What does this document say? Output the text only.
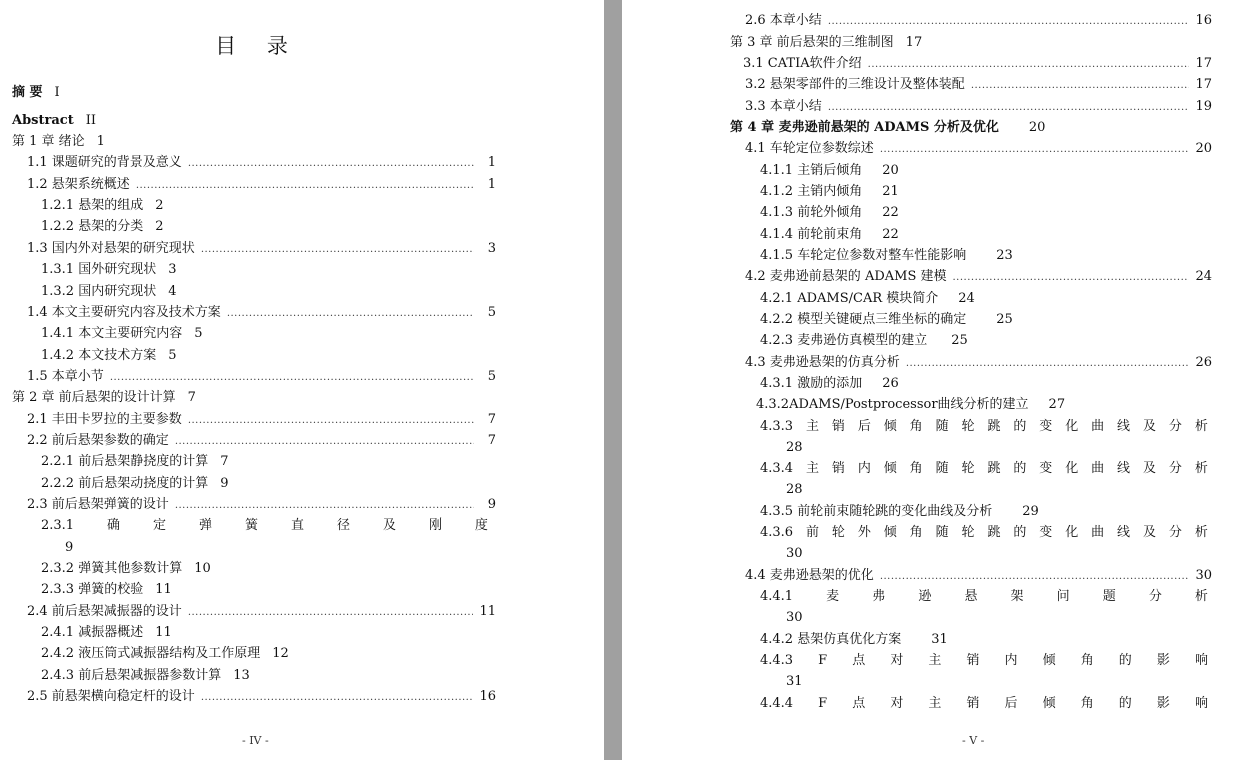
目 录
摘 要 I
Abstract II
第 1 章 绪论 1
1.1 课题研究的背景及意义 .....	1
1.2 悬架系统概述 .....	1
1.2.1 悬架的组成 2
1.2.2 悬架的分类 2
1.3 国内外对悬架的研究现状 .....	3
1.3.1 国外研究现状 3
1.3.2 国内研究现状 4
1.4 本文主要研究内容及技术方案 .....	5
1.4.1 本文主要研究内容 5
1.4.2 本文技术方案 5
1.5 本章小节 .....	5
第 2 章 前后悬架的设计计算 7
2.1 丰田卡罗拉的主要参数 .....	7
2.2 前后悬架参数的确定 .....	7
2.2.1 前后悬架静挠度的计算 7
2.2.2 前后悬架动挠度的计算 9
2.3 前后悬架弹簧的设计 .....	9
2.3.1	确	定	弹	簧	直	径	及	刚	度
9
2.3.2 弹簧其他参数计算 10
2.3.3 弹簧的校验 11
2.4 前后悬架减振器的设计 .....	11
2.4.1 减振器概述 11
2.4.2 液压筒式减振器结构及工作原理 12
2.4.3 前后悬架减振器参数计算 13
2.5 前悬架横向稳定杆的设计 .....	16
- IV -
2.6 本章小结 .....	16
第 3 章 前后悬架的三维制图 17
3.1 CATIA软件介绍 .....	17
3.2 悬架零部件的三维设计及整体装配 .....	17
3.3 本章小结 .....	19
第 4 章 麦弗逊前悬架的 ADAMS 分析及优化 20
4.1 车轮定位参数综述 .....	20
4.1.1 主销后倾角 20
4.1.2 主销内倾角 21
4.1.3 前轮外倾角 22
4.1.4 前轮前束角 22
4.1.5 车轮定位参数对整车性能影响 23
4.2 麦弗逊前悬架的 ADAMS 建模 .....	24
4.2.1 ADAMS/CAR 模块简介 24
4.2.2 模型关键硬点三维坐标的确定 25
4.2.3 麦弗逊仿真模型的建立 25
4.3 麦弗逊悬架的仿真分析 .....	26
4.3.1 激励的添加 26
4.3.2ADAMS/Postprocessor曲线分析的建立 27
4.3.3 主 销 后 倾 角 随 轮 跳 的 变 化 曲 线 及 分 析
28
4.3.4 主 销 内 倾 角 随 轮 跳 的 变 化 曲 线 及 分 析
28
4.3.5 前轮前束随轮跳的变化曲线及分析 29
4.3.6 前 轮 外 倾 角 随 轮 跳 的 变 化 曲 线 及 分 析
30
4.4 麦弗逊悬架的优化 .....	30
4.4.1	麦	弗	逊	悬	架	问	题	分	析
30
4.4.2 悬架仿真优化方案 31
4.4.3 F 点 对 主 销 内 倾 角 的 影 响
31
4.4.4 F 点 对 主 销 后 倾 角 的 影 响
- V -
